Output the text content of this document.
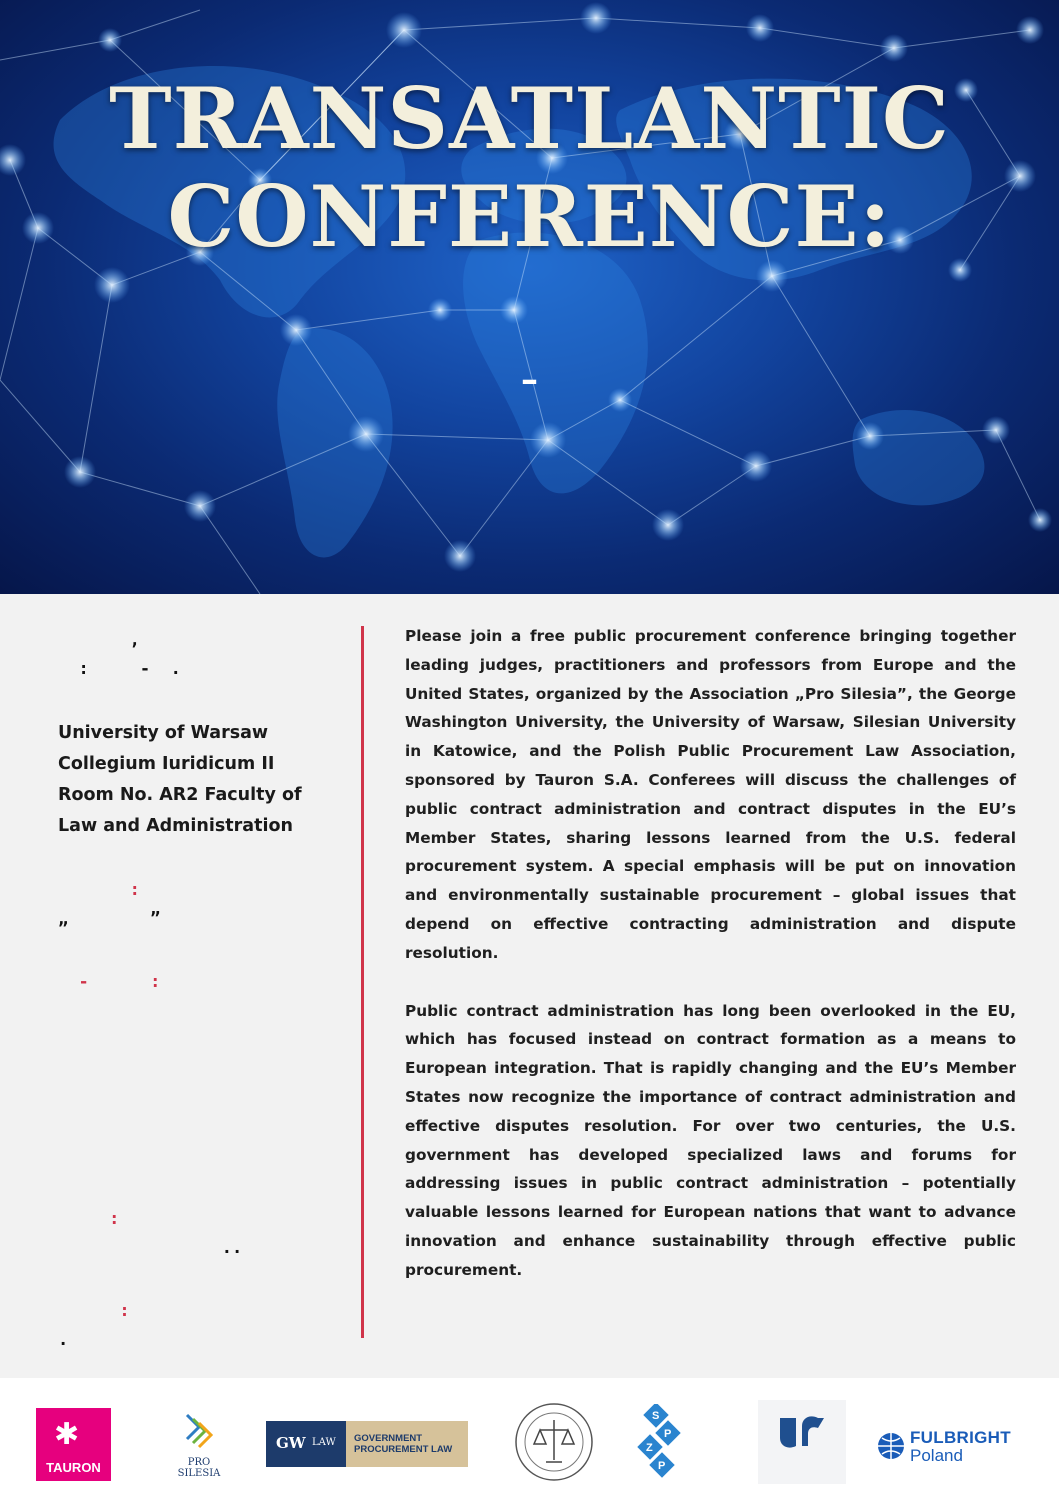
TRANSATLANTIC
CONFERENCE:
–
,
:     -  .
University of Warsaw
Collegium Iuridicum II
Room No. AR2 Faculty of
Law and Administration
:
„        ”
-      :

:
..
:
.

Please join a free public procurement conference bringing together leading judges, practitioners and professors from Europe and the United States, organized by the Association „Pro Silesia”, the George Washington University, the University of Warsaw, Silesian University in Katowice, and the Polish Public Procurement Law Association, sponsored by Tauron S.A. Conferees will discuss the challenges of public contract administration and contract disputes in the EU’s Member States, sharing lessons learned from the U.S. federal procurement system. A special emphasis will be put on innovation and environmentally sustainable procurement – global issues that depend on effective contracting administration and dispute resolution.

Public contract administration has long been overlooked in the EU, which has focused instead on contract formation as a means to European integration. That is rapidly changing and the EU’s Member States now recognize the importance of contract administration and effective disputes resolution. For over two centuries, the U.S. government has developed specialized laws and forums for addressing issues in public contract administration – potentially valuable lessons learned for European nations that want to advance innovation and enhance sustainability through effective public procurement.

✱
TAURON	PRO SILESIA
GW LAW GOVERNMENT PROCUREMENT LAW
S
P
Z
P
FULBRIGHT
Poland
